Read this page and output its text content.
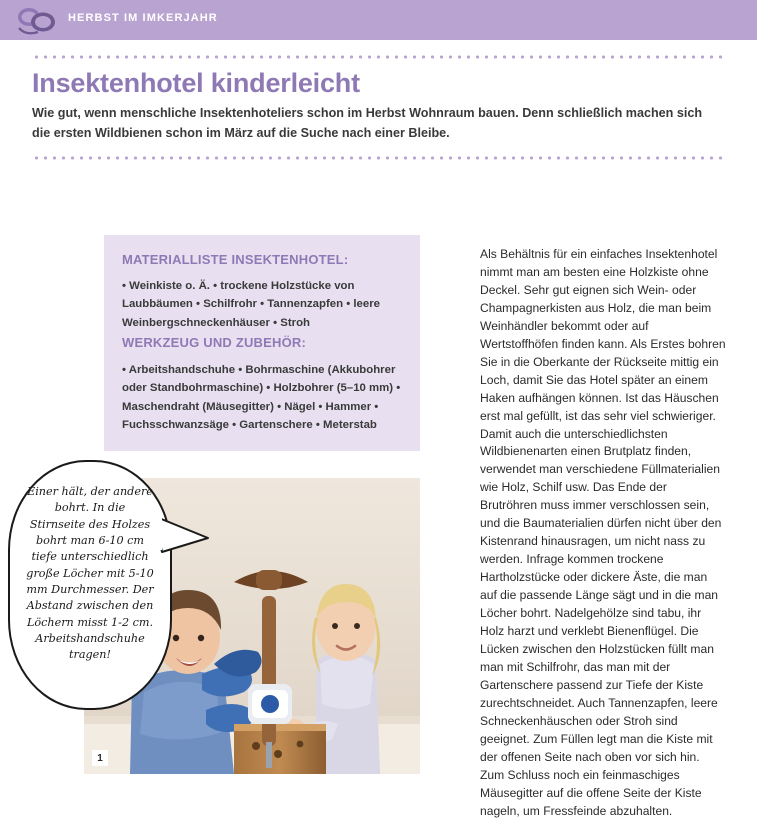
HERBST IM IMKERJAHR
Insektenhotel kinderleicht
Wie gut, wenn menschliche Insektenhoteliers schon im Herbst Wohnraum bauen. Denn schließlich machen sich die ersten Wildbienen schon im März auf die Suche nach einer Bleibe.
MATERIALLISTE INSEKTENHOTEL:
• Weinkiste o. Ä. • trockene Holzstücke von Laubbäumen • Schilfrohr • Tannenzapfen • leere Weinbergschneckenhäuser • Stroh
WERKZEUG UND ZUBEHÖR:
• Arbeitshandschuhe • Bohrmaschine (Akkubohrer oder Standbohrmaschine) • Holzbohrer (5–10 mm) • Maschendraht (Mäusegitter) • Nägel • Hammer • Fuchsschwanzsäge • Gartenschere • Meterstab
1
Einer hält, der andere bohrt. In die Stirnseite des Holzes bohrt man 6-10 cm tiefe unterschiedlich große Löcher mit 5-10 mm Durchmesser. Der Abstand zwischen den Löchern misst 1-2 cm. Arbeitshandschuhe tragen!
Als Behältnis für ein einfaches Insektenhotel nimmt man am besten eine Holzkiste ohne Deckel. Sehr gut eignen sich Wein- oder Champagnerkisten aus Holz, die man beim Weinhändler bekommt oder auf Wertstoffhöfen finden kann. Als Erstes bohren Sie in die Oberkante der Rückseite mittig ein Loch, damit Sie das Hotel später an einem Haken aufhängen können. Ist das Häuschen erst mal gefüllt, ist das sehr viel schwieriger. Damit auch die unterschiedlichsten Wildbienenarten einen Brutplatz finden, verwendet man verschiedene Füllmaterialien wie Holz, Schilf usw. Das Ende der Brutröhren muss immer verschlossen sein, und die Baumaterialien dürfen nicht über den Kistenrand hinausragen, um nicht nass zu werden. Infrage kommen trockene Hartholzstücke oder dickere Äste, die man auf die passende Länge sägt und in die man Löcher bohrt. Nadelgehölze sind tabu, ihr Holz harzt und verklebt Bienenflügel. Die Lücken zwischen den Holzstücken füllt man man mit Schilfrohr, das man mit der Gartenschere passend zur Tiefe der Kiste zurechtschneidet. Auch Tannenzapfen, leere Schneckenhäuschen oder Stroh sind geeignet. Zum Füllen legt man die Kiste mit der offenen Seite nach oben vor sich hin. Zum Schluss noch ein feinmaschiges Mäusegitter auf die offene Seite der Kiste nageln, um Fressfeinde abzuhalten.
